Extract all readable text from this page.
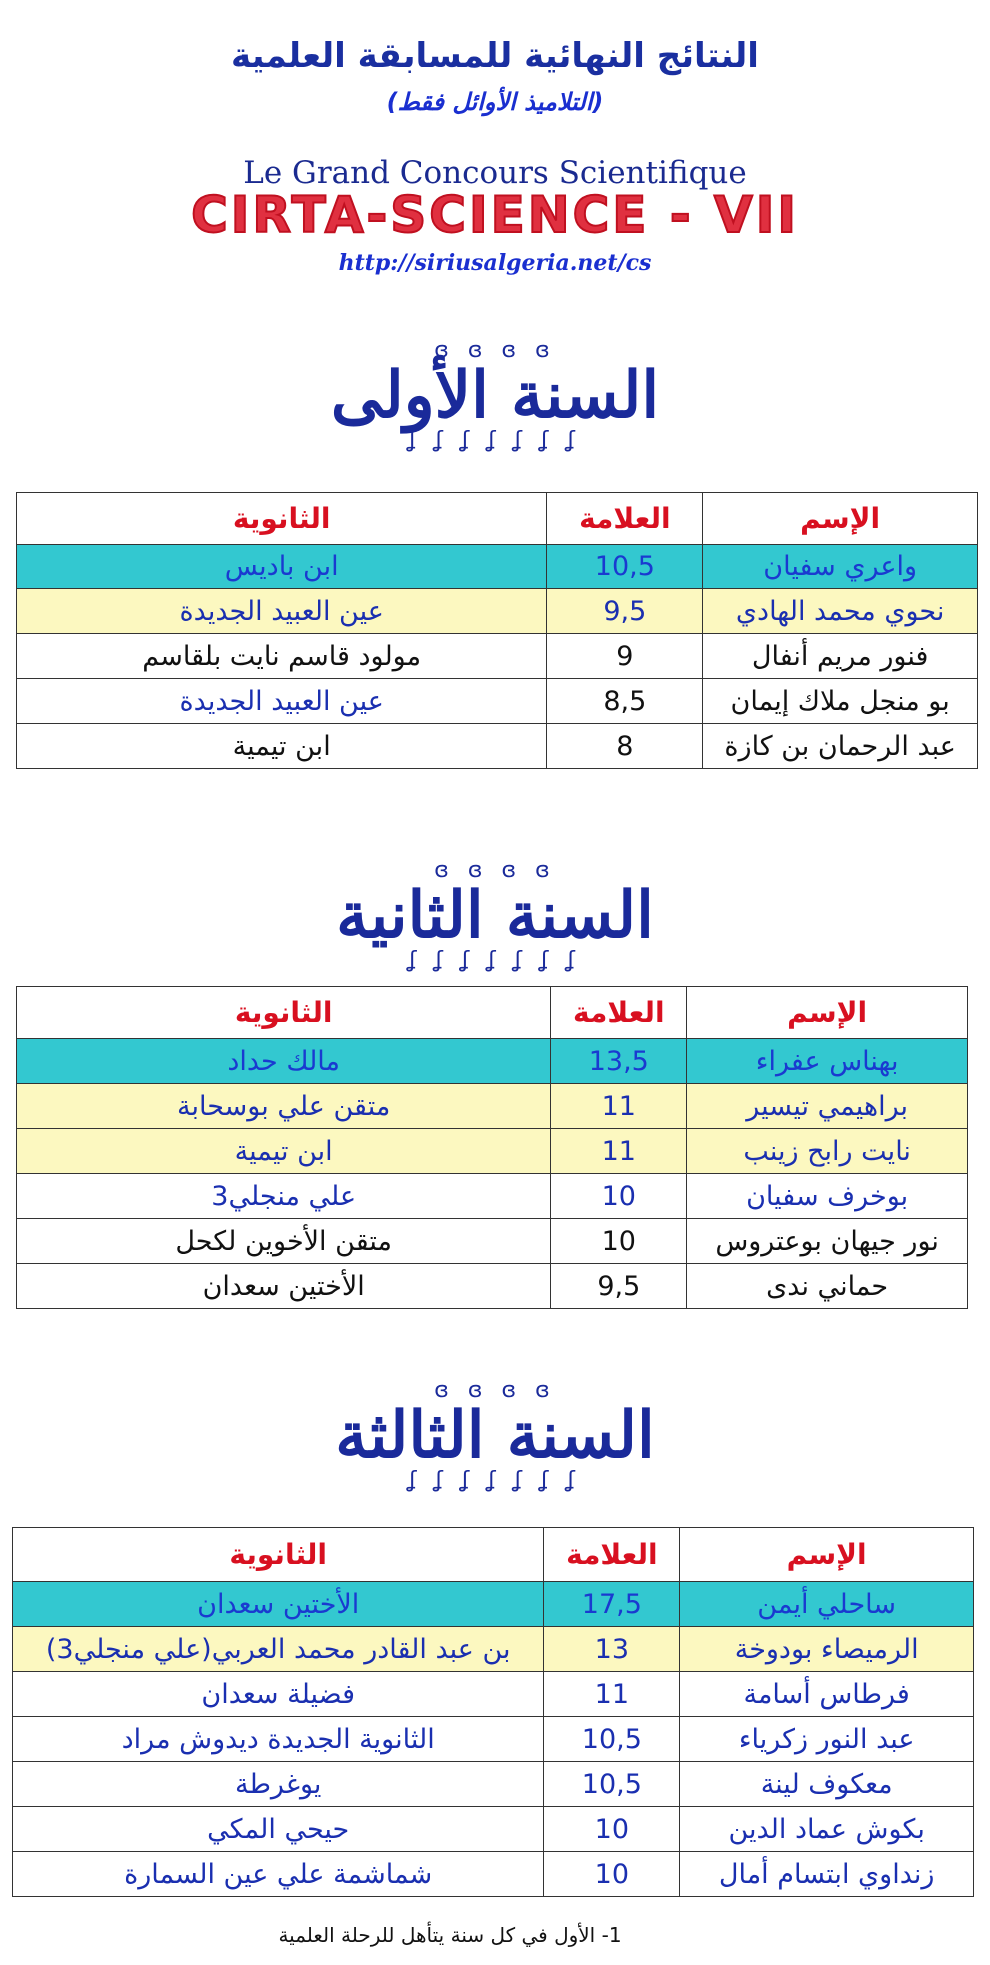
النتائج النهائية للمسابقة العلمية
(التلاميذ الأوائل فقط)
Le Grand Concours Scientifique
CIRTA-SCIENCE - VII
http://siriusalgeria.net/cs
ɞ ɞ ɞ ɞ
السنة الأولى
ʆ ʆ ʆ ʆ ʆ ʆ ʆ
الإسم	العلامة	الثانوية
واعري سفيان	10,5	ابن باديس
نحوي محمد الهادي	9,5	عين العبيد الجديدة
فنور مريم أنفال	9	مولود قاسم نايت بلقاسم
بو منجل ملاك إيمان	8,5	عين العبيد الجديدة
عبد الرحمان بن كازة	8	ابن تيمية
ɞ ɞ ɞ ɞ
السنة الثانية
ʆ ʆ ʆ ʆ ʆ ʆ ʆ
الإسم	العلامة	الثانوية
بهناس عفراء	13,5	مالك حداد
براهيمي تيسير	11	متقن علي بوسحابة
نايت رابح زينب	11	ابن تيمية
بوخرف سفيان	10	علي منجلي3
نور جيهان بوعتروس	10	متقن الأخوين لكحل
حماني ندى	9,5	الأختين سعدان
ɞ ɞ ɞ ɞ
السنة الثالثة
ʆ ʆ ʆ ʆ ʆ ʆ ʆ
الإسم	العلامة	الثانوية
ساحلي أيمن	17,5	الأختين سعدان
الرميصاء بودوخة	13	بن عبد القادر محمد العربي(علي منجلي3)
فرطاس أسامة	11	فضيلة سعدان
عبد النور زكرياء	10,5	الثانوية الجديدة ديدوش مراد
معكوف لينة	10,5	يوغرطة
بكوش عماد الدين	10	حيحي المكي
زنداوي ابتسام أمال	10	شماشمة علي عين السمارة
1- الأول في كل سنة يتأهل للرحلة العلمية
